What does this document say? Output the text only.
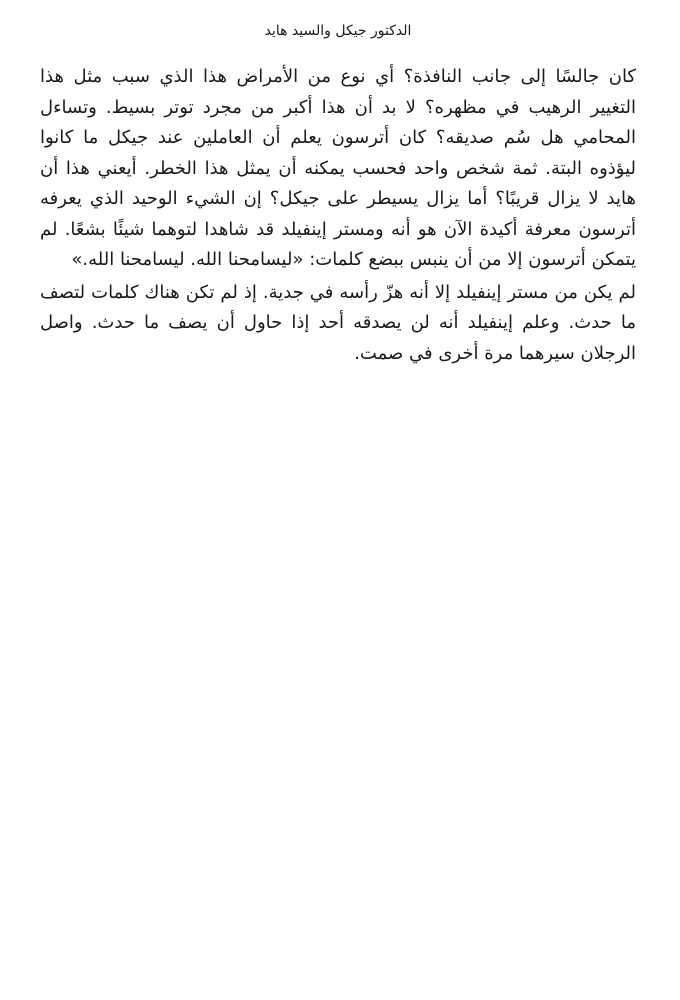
الدكتور جيكل والسيد هايد

كان جالسًا إلى جانب النافذة؟ أي نوع من الأمراض هذا الذي سبب مثل هذا التغيير الرهيب في مظهره؟ لا بد أن هذا أكبر من مجرد توتر بسيط. وتساءل المحامي هل سُم صديقه؟ كان أترسون يعلم أن العاملين عند جيكل ما كانوا ليؤذوه البتة. ثمة شخص واحد فحسب يمكنه أن يمثل هذا الخطر. أيعني هذا أن هايد لا يزال قريبًا؟ أما يزال يسيطر على جيكل؟ إن الشيء الوحيد الذي يعرفه أترسون معرفة أكيدة الآن هو أنه ومستر إينفيلد قد شاهدا لتوهما شيئًا بشعًا. لم يتمكن أترسون إلا من أن ينبس ببضع كلمات: «ليسامحنا الله. ليسامحنا الله.»

لم يكن من مستر إينفيلد إلا أنه هزّ رأسه في جدية. إذ لم تكن هناك كلمات لتصف ما حدث. وعلم إينفيلد أنه لن يصدقه أحد إذا حاول أن يصف ما حدث. واصل الرجلان سيرهما مرة أخرى في صمت.
